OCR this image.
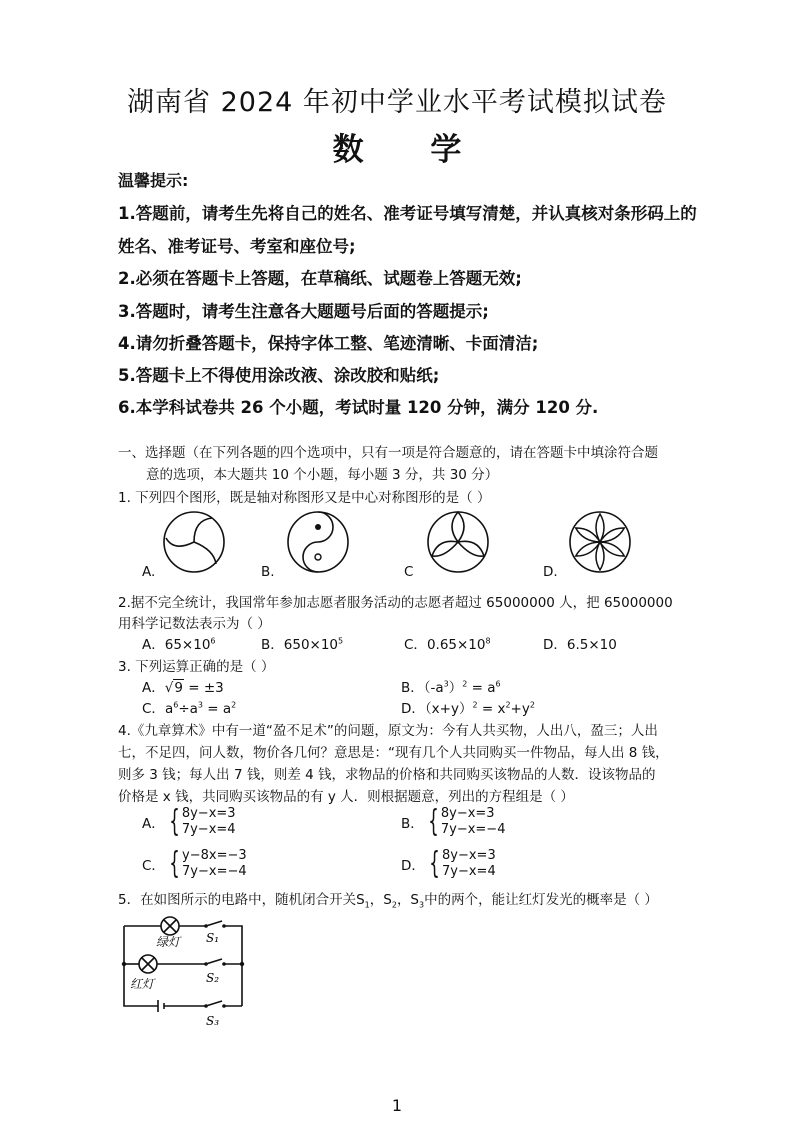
湖南省 2024 年初中学业水平考试模拟试卷
数 学
温馨提示:
1.答题前，请考生先将自己的姓名、准考证号填写清楚，并认真核对条形码上的
姓名、准考证号、考室和座位号;
2.必须在答题卡上答题，在草稿纸、试题卷上答题无效;
3.答题时，请考生注意各大题题号后面的答题提示;
4.请勿折叠答题卡，保持字体工整、笔迹清晰、卡面清洁;
5.答题卡上不得使用涂改液、涂改胶和贴纸;
6.本学科试卷共 26 个小题，考试时量 120 分钟，满分 120 分.
一、选择题（在下列各题的四个选项中，只有一项是符合题意的，请在答题卡中填涂符合题
意的选项，本大题共 10 个小题，每小题 3 分，共 30 分）
1. 下列四个图形，既是轴对称图形又是中心对称图形的是（ ）
A.	B.	C	D.
2.据不完全统计，我国常年参加志愿者服务活动的志愿者超过 65000000 人，把 65000000
用科学记数法表示为（ ）
A．$65\times 10^6$	B．$650\times 10^5$	C．$0.65\times 10^8$	D．6.5×10
3. 下列运算正确的是（ ）
A．√9 = ±3	B．$(-a^3)^2 = a^6$
C．$a^6\div a^3 = a^2$	D．$(x+y)^2 = x^2+y^2$
4.《九章算术》中有一道“盈不足术”的问题，原文为：今有人共买物，人出八，盈三；人出
七，不足四，问人数，物价各几何？意思是：“现有几个人共同购买一件物品，每人出 8 钱，
则多 3 钱；每人出 7 钱，则差 4 钱，求物品的价格和共同购买该物品的人数．设该物品的
价格是 x 钱，共同购买该物品的有 y 人．则根据题意，列出的方程组是（ ）
A． { 8y−x=3
7y−x=4	B． { 8y−x=3
7y−x=−4
C． { y−8x=−3
7y−x=−4	D． { 8y−x=3
7y−x=4
5．在如图所示的电路中，随机闭合开关$S_1$，$S_2$，$S_3$中的两个，能让红灯发光的概率是（ ）
绿灯 S₁
红灯	S₂
S₃
1
